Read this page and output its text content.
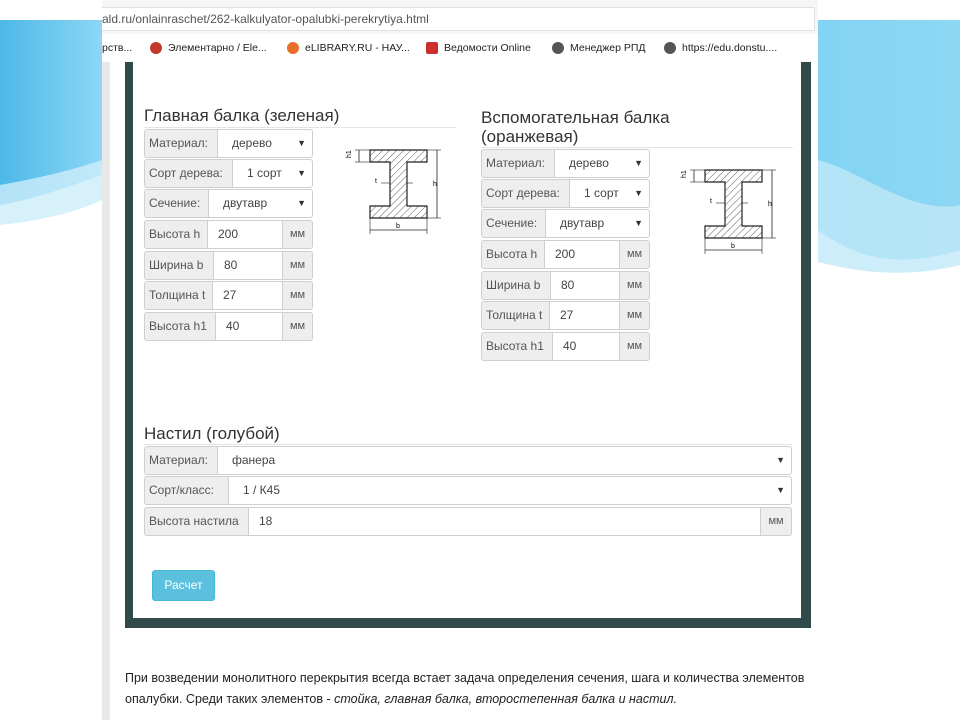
ald.ru/onlainraschet/262-kalkulyator-opalubki-perekrytiya.html
рств...	Элементарно / Ele...	eLIBRARY.RU - НАУ...	Ведомости Online	Менеджер РПД	https://edu.donstu....
Главная балка (зеленая)
Материал:	дерево	▼
Сорт дерева:	1 сорт ▼
Сечение:	двутавр	▼
Высота h	200	мм
Ширина b	80	мм
Толщина t	27	мм
Высота h1	40	мм
h1
h
t
b
Вспомогательная балка
(оранжевая)
Материал:	дерево	▼
Сорт дерева:	1 сорт ▼
Сечение:	двутавр	▼
Высота h	200	мм
Ширина b	80	мм
Толщина t	27	мм
Высота h1	40	мм
h1
h
t
b
Настил (голубой)
Материал:	фанера	▼
Сорт/класс:	1 / К45	▼
Высота настила	18	мм
Расчет
При возведении монолитного перекрытия всегда встает задача определения сечения, шага и количества элементов опалубки. Среди таких элементов - стойка, главная балка, второстепенная балка и настил.
